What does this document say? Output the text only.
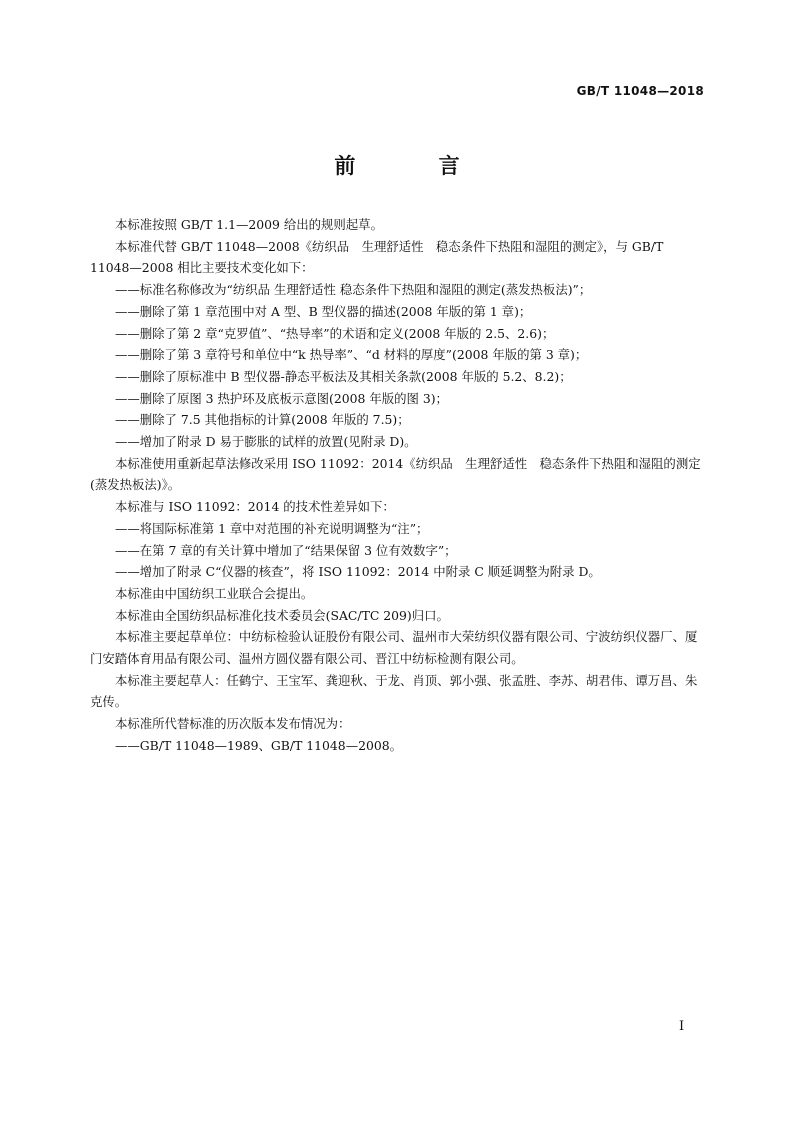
GB/T 11048—2018
前 言

本标准按照 GB/T 1.1—2009 给出的规则起草。

本标准代替 GB/T 11048—2008《纺织品　生理舒适性　稳态条件下热阻和湿阻的测定》，与 GB/T 11048—2008 相比主要技术变化如下：

——标准名称修改为“纺织品 生理舒适性 稳态条件下热阻和湿阻的测定(蒸发热板法)”；

——删除了第 1 章范围中对 A 型、B 型仪器的描述(2008 年版的第 1 章)；

——删除了第 2 章“克罗值”、“热导率”的术语和定义(2008 年版的 2.5、2.6)；

——删除了第 3 章符号和单位中“k 热导率”、“d 材料的厚度”(2008 年版的第 3 章)；

——删除了原标准中 B 型仪器-静态平板法及其相关条款(2008 年版的 5.2、8.2)；

——删除了原图 3 热护环及底板示意图(2008 年版的图 3)；

——删除了 7.5 其他指标的计算(2008 年版的 7.5)；

——增加了附录 D 易于膨胀的试样的放置(见附录 D)。

本标准使用重新起草法修改采用 ISO 11092：2014《纺织品　生理舒适性　稳态条件下热阻和湿阻的测定(蒸发热板法)》。

本标准与 ISO 11092：2014 的技术性差异如下：

——将国际标准第 1 章中对范围的补充说明调整为“注”；

——在第 7 章的有关计算中增加了“结果保留 3 位有效数字”；

——增加了附录 C“仪器的核查”，将 ISO 11092：2014 中附录 C 顺延调整为附录 D。

本标准由中国纺织工业联合会提出。

本标准由全国纺织品标准化技术委员会(SAC/TC 209)归口。

本标准主要起草单位：中纺标检验认证股份有限公司、温州市大荣纺织仪器有限公司、宁波纺织仪器厂、厦门安踏体育用品有限公司、温州方圆仪器有限公司、晋江中纺标检测有限公司。

本标准主要起草人：任鹤宁、王宝军、龚迎秋、于龙、肖顶、郭小强、张孟胜、李苏、胡君伟、谭万昌、朱克传。

本标准所代替标准的历次版本发布情况为：

——GB/T 11048—1989、GB/T 11048—2008。

I
